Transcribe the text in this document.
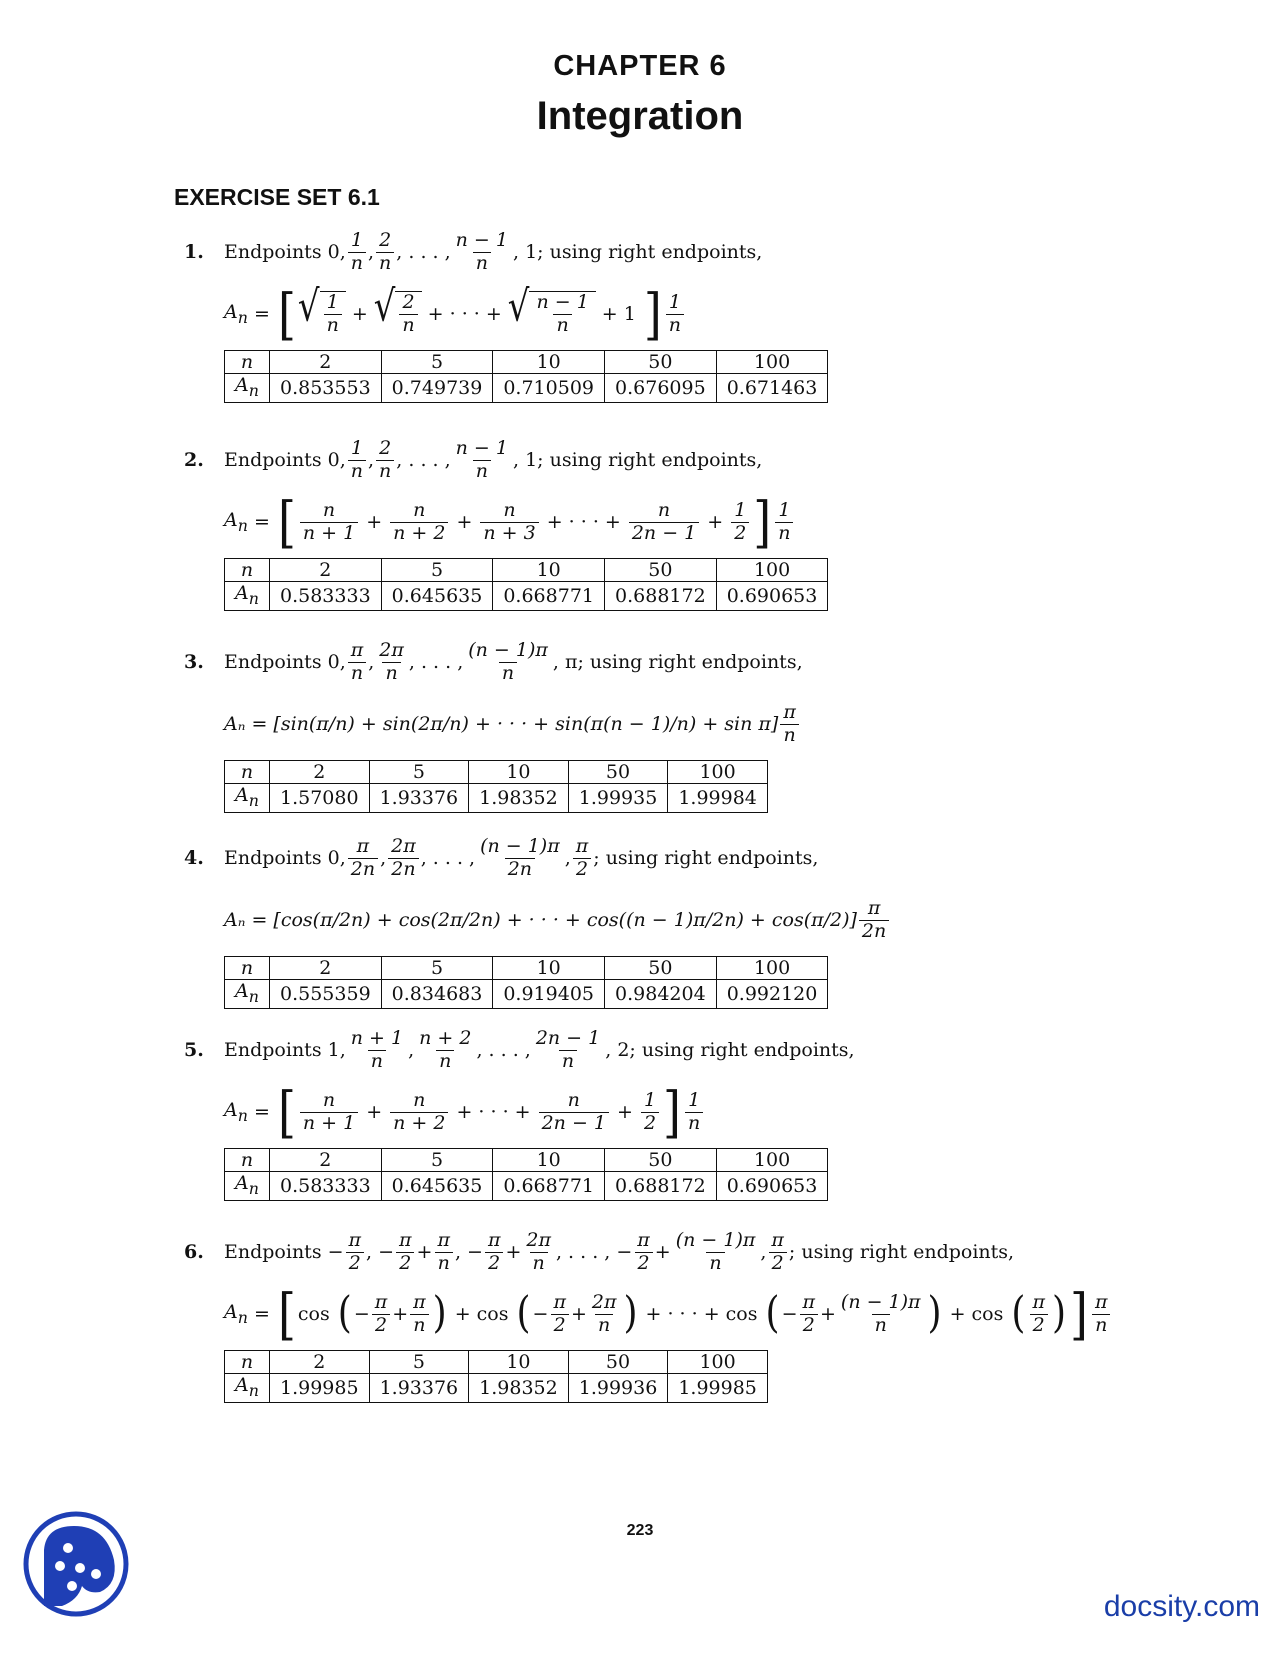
CHAPTER 6
Integration
EXERCISE SET 6.1
1.	Endpoints 0, $\frac{1}{n}$ , $\frac{2}{n}$ , . . . , $\frac{n - 1}{n}$ , 1; using right endpoints,
$A_n$ = [ √ $\frac{1}{n}$ + √ $\frac{2}{n}$ + · · · + √ $\frac{n - 1}{n} + 1$ ] $\frac{1}{n}$
n	2	5	10	50	100
$A_n$	0.853553	0.749739	0.710509	0.676095	0.671463
2.	Endpoints 0, $\frac{1}{n}$ , $\frac{2}{n}$ , . . . , $\frac{n - 1}{n}$ , 1; using right endpoints,
$A_n$ = [ $\frac{n}{n + 1} + \frac{n}{n + 2} + \frac{n}{n + 3}$ + · · · + $\frac{n}{2n - 1} + \frac{1}{2}$ ] $\frac{1}{n}$
n	2	5	10	50	100
$A_n$	0.583333	0.645635	0.668771	0.688172	0.690653
3.	Endpoints 0, $\frac{\pi}{n}$ , $\frac{2\pi}{n}$ , . . . , $\frac{(n - 1)\pi}{n}$ , π; using right endpoints,
Aₙ = [sin(π/n) + sin(2π/n) + · · · + $\sin(\pi(n - 1)/n) + \sin \pi] \frac{\pi}{n}$
n	2	5	10	50	100
$A_n$	1.57080	1.93376	1.98352	1.99935	1.99984
4.	Endpoints 0, $\frac{\pi}{2n}$ , $\frac{2\pi}{2n}$ , . . . , $\frac{(n - 1)\pi}{2n}$ , $\frac{\pi}{2}$ ; using right endpoints,
Aₙ = [cos(π/2n) + cos(2π/2n) + · · · + $\cos((n - 1)\pi/2n) + \cos(\pi/2)] \frac{\pi}{2n}$
n	2	5	10	50	100
$A_n$	0.555359	0.834683	0.919405	0.984204	0.992120
5.	Endpoints 1, $\frac{n + 1}{n}$ , $\frac{n + 2}{n}$ , . . . , $\frac{2n - 1}{n}$ , 2; using right endpoints,
$A_n$ = [ $\frac{n}{n + 1} + \frac{n}{n + 2}$ + · · · + $\frac{n}{2n - 1} + \frac{1}{2}$ ] $\frac{1}{n}$
n	2	5	10	50	100
$A_n$	0.583333	0.645635	0.668771	0.688172	0.690653
6.	Endpoints − $\frac{\pi}{2}$ , − $\frac{\pi}{2} + \frac{\pi}{n}$ , − $\frac{\pi}{2} + \frac{2\pi}{n}$ , . . . , − $\frac{\pi}{2} + \frac{(n - 1)\pi}{n}$ , $\frac{\pi}{2}$ ; using right endpoints,
$A_n$ = [ cos ( − $\frac{\pi}{2} + \frac{\pi}{n}$ ) + cos ( − $\frac{\pi}{2} + \frac{2\pi}{n}$ ) + · · · + cos ( − $\frac{\pi}{2} + \frac{(n - 1)\pi}{n}$ ) + cos ( $\frac{\pi}{2}$ ) ] $\frac{\pi}{n}$
n	2	5	10	50	100
$A_n$	1.99985	1.93376	1.98352	1.99936	1.99985
223
docsity.com
